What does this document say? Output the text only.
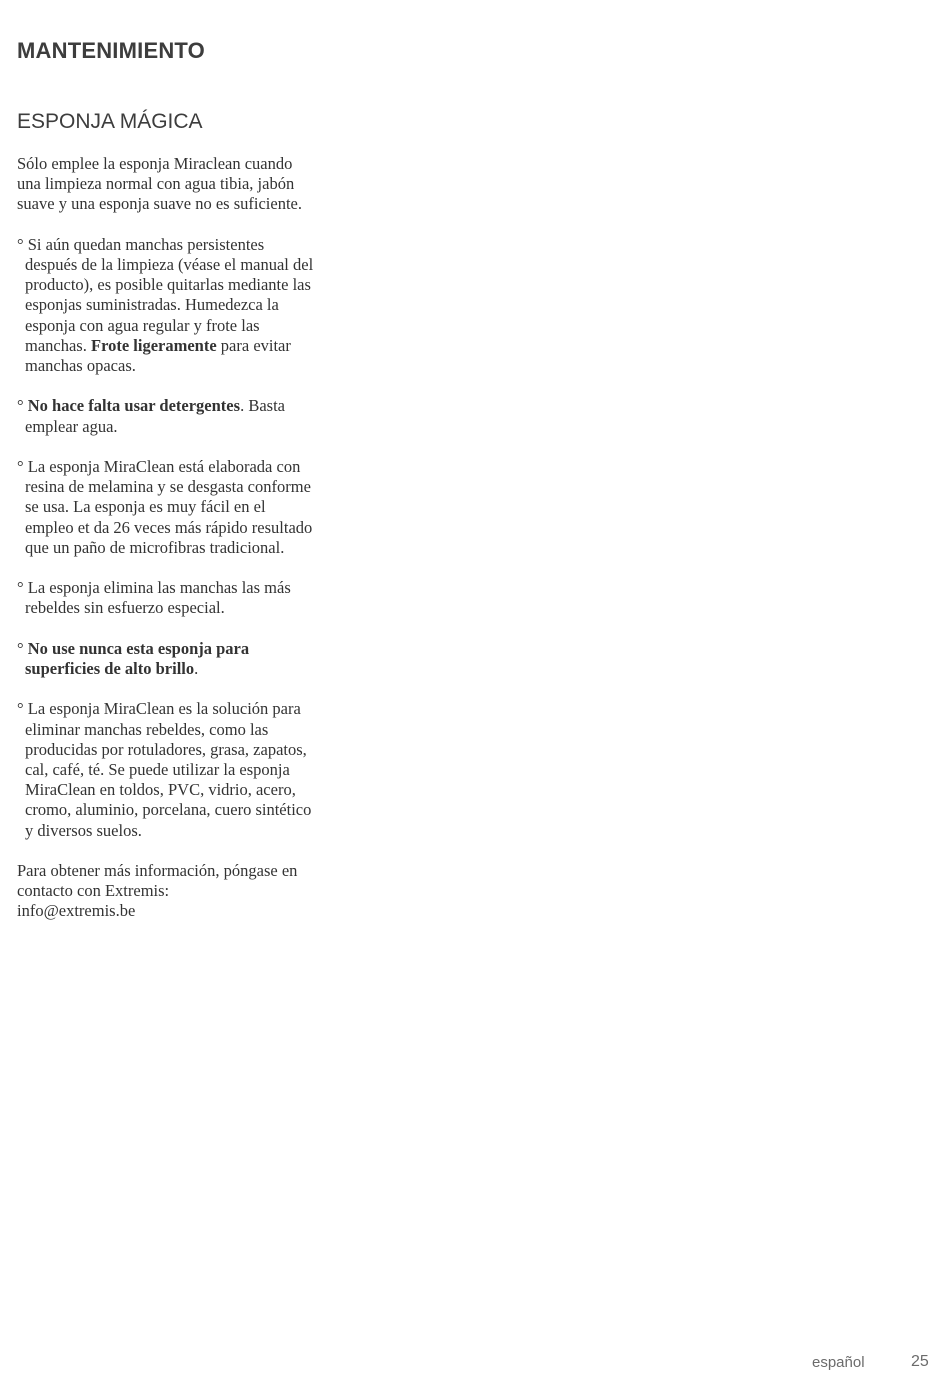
MANTENIMIENTO
ESPONJA MÁGICA

Sólo emplee la esponja Miraclean cuando una limpieza normal con agua tibia, jabón suave y una esponja suave no es suficiente.

° Si aún quedan manchas persistentes después de la limpieza (véase el manual del producto), es posible quitarlas mediante las esponjas suministradas. Humedezca la esponja con agua regular y frote las manchas. Frote ligeramente para evitar manchas opacas.

° No hace falta usar detergentes. Basta emplear agua.

° La esponja MiraClean está elaborada con resina de melamina y se desgasta conforme se usa. La esponja es muy fácil en el empleo et da 26 veces más rápido resultado que un paño de microfibras tradicional.

° La esponja elimina las manchas las más rebeldes sin esfuerzo especial.

° No use nunca esta esponja para superficies de alto brillo.

° La esponja MiraClean es la solución para eliminar manchas rebeldes, como las producidas por rotuladores, grasa, zapatos, cal, café, té. Se puede utilizar la esponja MiraClean en toldos, PVC, vidrio, acero, cromo, aluminio, porcelana, cuero sintético y diversos suelos.

Para obtener más información, póngase en contacto con Extremis:
info@extremis.be

español	25
